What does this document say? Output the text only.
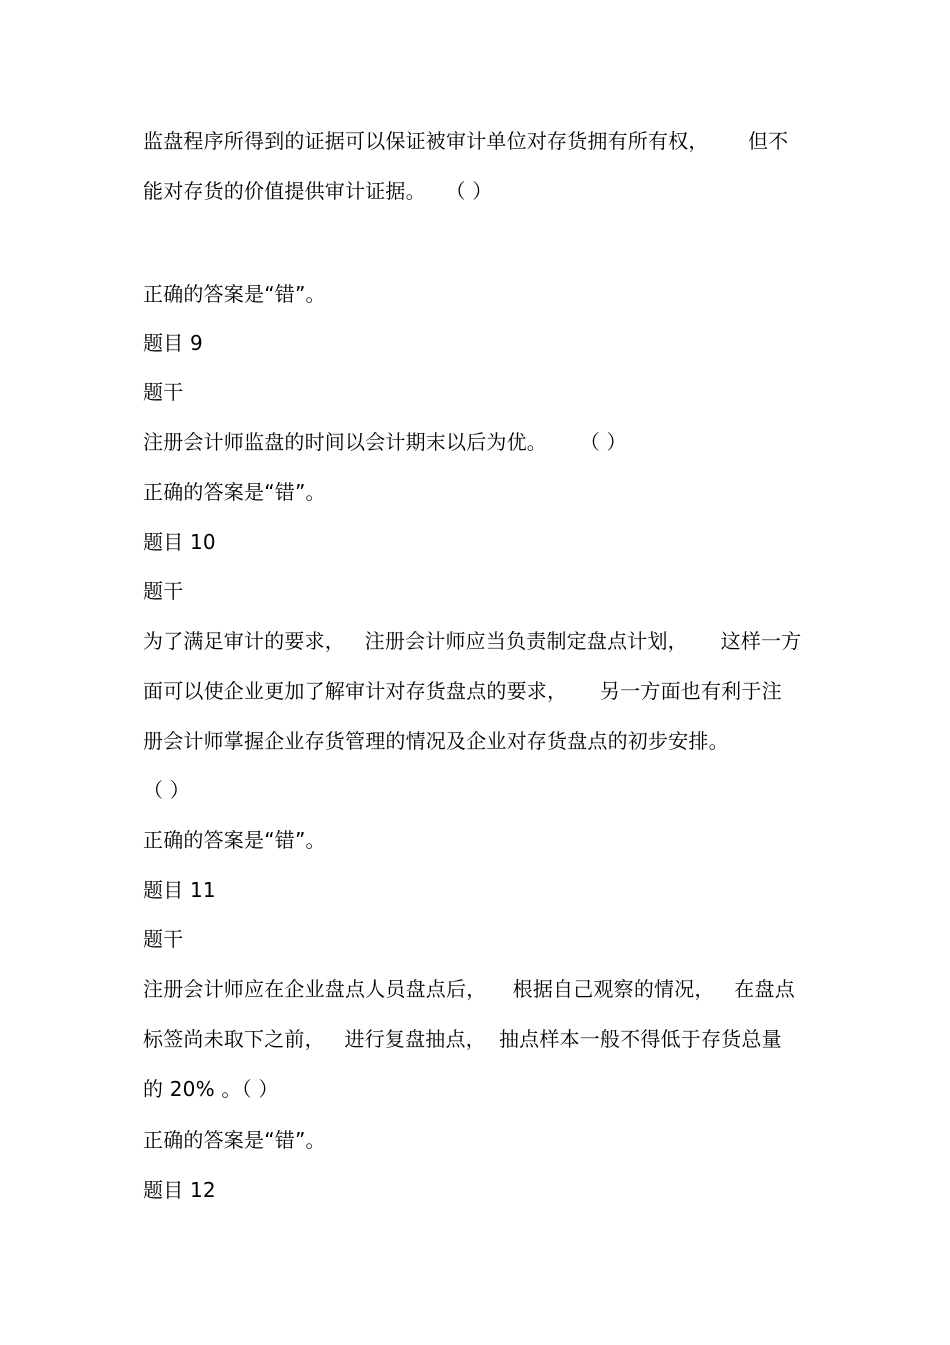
监盘程序所得到的证据可以保证被审计单位对存货拥有所有权，      但不
能对存货的价值提供审计证据。   （ ）
正确的答案是“错”。
题目 9
题干
注册会计师监盘的时间以会计期末以后为优。     （ ）
正确的答案是“错”。
题目 10
题干
为了满足审计的要求，   注册会计师应当负责制定盘点计划，     这样一方
面可以使企业更加了解审计对存货盘点的要求，     另一方面也有利于注
册会计师掌握企业存货管理的情况及企业对存货盘点的初步安排。
（ ）
正确的答案是“错”。
题目 11
题干
注册会计师应在企业盘点人员盘点后，    根据自己观察的情况，   在盘点
标签尚未取下之前，   进行复盘抽点，  抽点样本一般不得低于存货总量
的 20% 。（ ）
正确的答案是“错”。
题目 12
